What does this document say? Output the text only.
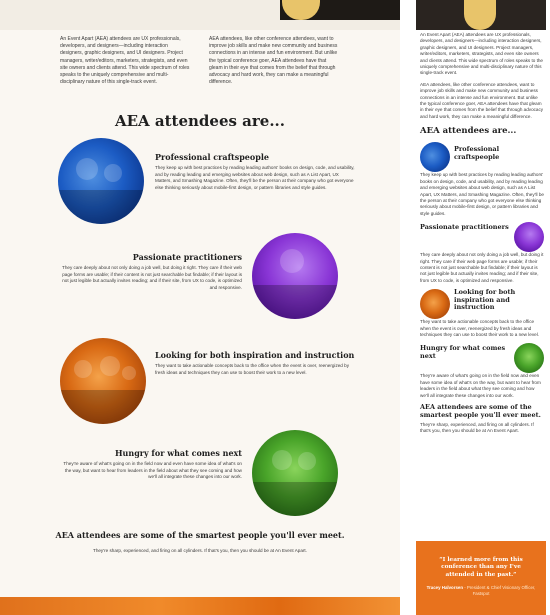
An Event Apart (AEA) attendees are UX professionals, developers, and designers—including interaction designers, graphic designers, and UI designers. Project managers, writer/editors, marketers, strategists, and even site owners and clients attend. This wide spectrum of roles speaks to the uniquely comprehensive and multi-disciplinary nature of this single-track event.

AEA attendees, like other conference attendees, want to improve job skills and make new community and business connections in an intense and fun environment. But unlike the typical conference goer, AEA attendees have that gleam in their eye that comes from the belief that through advocacy and hard work, they can make a meaningful difference.

AEA attendees are...
Professional craftspeople

They keep up with best practices by reading leading authors' books on design, code, and usability, and by reading leading and emerging websites about web design, such as A List Apart, UX Matters, and Smashing Magazine. Often, they'll be the person at their company who got everyone else thinking seriously about mobile-first design, or pattern libraries and style guides.

Passionate practitioners

They care deeply about not only doing a job well, but doing it right. They care if their web page forms are usable; if their content is not just searchable but findable; if their layout is not just legible but actually invites reading; and if their site, from UX to code, is optimized and responsive.

Looking for both inspiration and instruction

They want to take actionable concepts back to the office when the event is over, reenergized by fresh ideas and techniques they can use to boost their work to a new level.

Hungry for what comes next

They're aware of what's going on in the field now and even have some idea of what's on the way, but want to hear from leaders in the field about what they see coming and how we'll all integrate these changes into our work.

AEA attendees are some of the smartest people you'll ever meet.

They're sharp, experienced, and firing on all cylinders. If that's you, then you should be at An Event Apart.

An Event Apart (AEA) attendees are UX professionals, developers, and designers—including interaction designers, graphic designers, and UI designers. Project managers, writer/editors, marketers, strategists, and even site owners and clients attend. This wide spectrum of roles speaks to the uniquely comprehensive and multi-disciplinary nature of this single-track event.

AEA attendees, like other conference attendees, want to improve job skills and make new community and business connections in an intense and fun environment. But unlike the typical conference goer, AEA attendees have that gleam in their eye that comes from the belief that through advocacy and hard work, they can make a meaningful difference.

AEA attendees are...
Professional craftspeople

They keep up with best practices by reading leading authors' books on design, code, and usability, and by reading leading and emerging websites about web design, such as A List Apart, UX Matters, and Smashing Magazine. Often, they'll be the person at their company who got everyone else thinking seriously about mobile-first design, or pattern libraries and style guides.

Passionate practitioners

They care deeply about not only doing a job well, but doing it right. They care if their web page forms are usable; if their content is not just searchable but findable; if their layout is not just legible but actually invites reading; and if their site, from UX to code, is optimized and responsive.

Looking for both inspiration and instruction

They want to take actionable concepts back to the office when the event is over, reenergized by fresh ideas and techniques they can use to boost their work to a new level.

Hungry for what comes next

They're aware of what's going on in the field now and even have some idea of what's on the way, but want to hear from leaders in the field about what they see coming and how we'll all integrate these changes into our work.

AEA attendees are some of the smartest people you'll ever meet.

They're sharp, experienced, and firing on all cylinders. If that's you, then you should be at An Event Apart.

“I learned more from this conference than any I've attended in the past.”
Tracey Halvorsen - President & Chief Visionary Officer, Fastspot
